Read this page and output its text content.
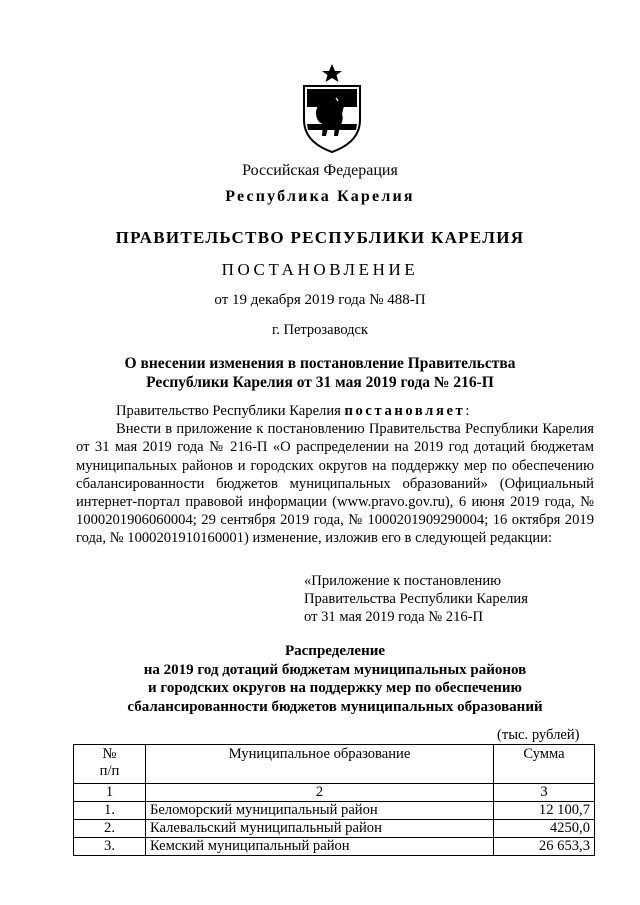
Российская Федерация
Республика Карелия
ПРАВИТЕЛЬСТВО РЕСПУБЛИКИ КАРЕЛИЯ
ПОСТАНОВЛЕНИЕ
от 19 декабря 2019 года № 488-П
г. Петрозаводск
О внесении изменения в постановление Правительства
Республики Карелия от 31 мая 2019 года № 216-П

Правительство Республики Карелия постановляет:

Внести в приложение к постановлению Правительства Республики Карелия от 31 мая 2019 года № 216-П «О распределении на 2019 год дотаций бюджетам муниципальных районов и городских округов на поддержку мер по обеспечению сбалансированности бюджетов муниципальных образований» (Официальный интернет-портал правовой информации (www.pravo.gov.ru), 6 июня 2019 года, № 1000201906060004; 29 сентября 2019 года, № 1000201909290004; 16 октября 2019 года, № 1000201910160001) изменение, изложив его в следующей редакции:

«Приложение к постановлению
Правительства Республики Карелия
от 31 мая 2019 года № 216-П
Распределение
на 2019 год дотаций бюджетам муниципальных районов
и городских округов на поддержку мер по обеспечению
сбалансированности бюджетов муниципальных образований
(тыс. рублей)
№
п/п	Муниципальное образование	Сумма
1	2	3
1.	Беломорский муниципальный район	12 100,7
2.	Калевальский муниципальный район	4250,0
3.	Кемский муниципальный район	26 653,3
